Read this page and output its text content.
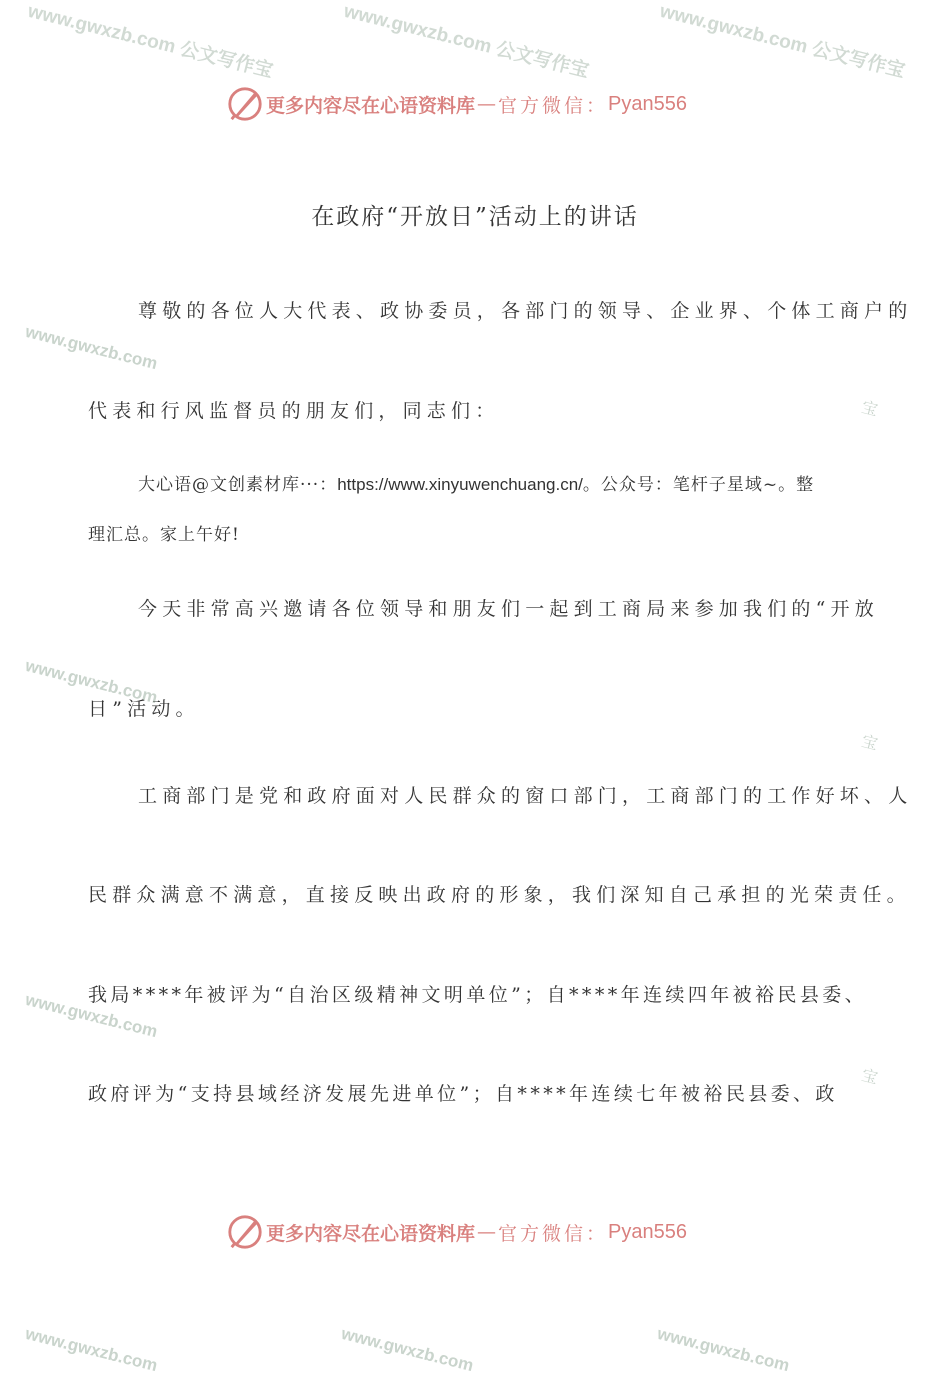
www.gwxzb.com 公文写作宝	www.gwxzb.com 公文写作宝	www.gwxzb.com 公文写作宝
www.gwxzb.com
www.gwxzb.com
www.gwxzb.com
www.gwxzb.com	www.gwxzb.com	www.gwxzb.com
宝
宝
宝
更多内容尽在心语资料库 — 官方微信： Pyan556
在政府“开放日”活动上的讲话
尊敬的各位人大代表、政协委员，各部门的领导、企业界、个体工商户的
代表和行风监督员的朋友们，同志们：
大心语@文创素材库···：https://www.xinyuwenchuang.cn/。公众号：笔杆子星域~。整
理汇总。家上午好!
今天非常高兴邀请各位领导和朋友们一起到工商局来参加我们的“开放
日”活动。
工商部门是党和政府面对人民群众的窗口部门，工商部门的工作好坏、人
民群众满意不满意，直接反映出政府的形象，我们深知自己承担的光荣责任。
我局****年被评为“自治区级精神文明单位”；自****年连续四年被裕民县委、
政府评为“支持县域经济发展先进单位”；自****年连续七年被裕民县委、政
更多内容尽在心语资料库 — 官方微信： Pyan556
